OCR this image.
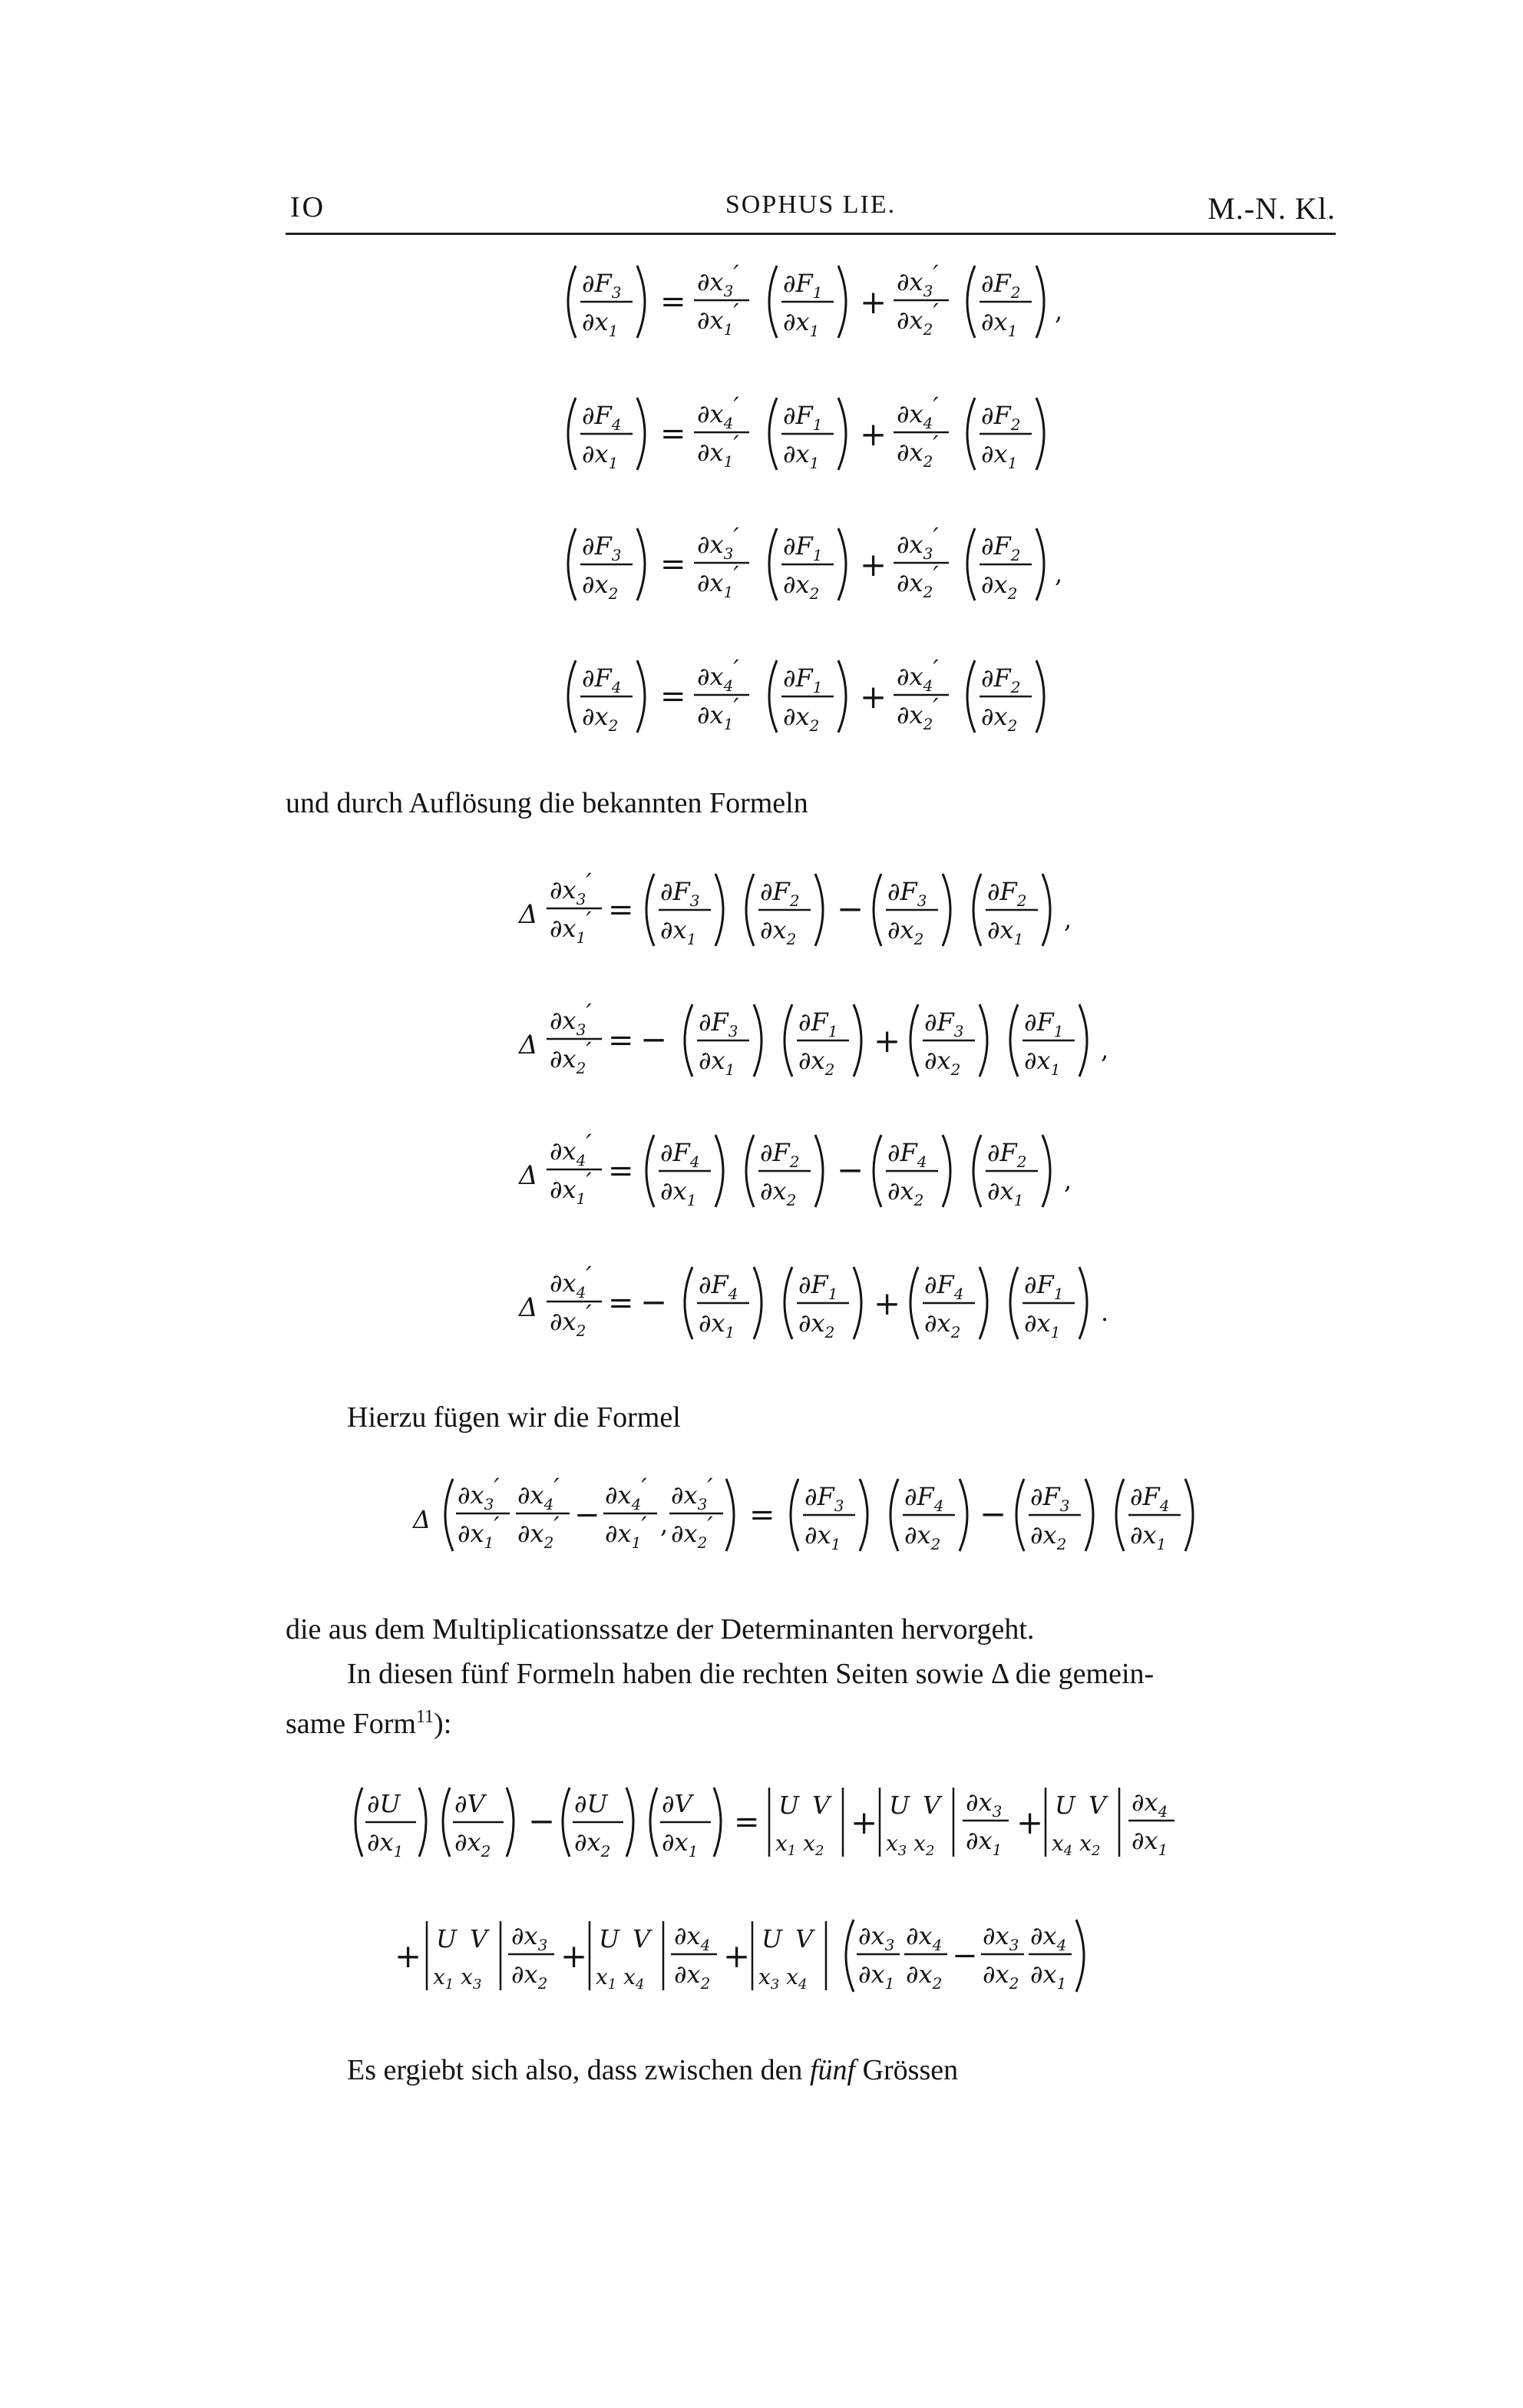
IO	SOPHUS LIE.	M.-N. Kl.
$\partial F_3$
$\partial x_1$
=
$\partial x_3'$
$\partial x_1'$
$\partial F_1$
$\partial x_1$
+
$\partial x_3'$
$\partial x_2'$
$\partial F_2$
$\partial x_1$
,
$\partial F_4$
$\partial x_1$
=
$\partial x_4'$
$\partial x_1'$
$\partial F_1$
$\partial x_1$
+
$\partial x_4'$
$\partial x_2'$
$\partial F_2$
$\partial x_1$
$\partial F_3$
$\partial x_2$
=
$\partial x_3'$
$\partial x_1'$
$\partial F_1$
$\partial x_2$
+
$\partial x_3'$
$\partial x_2'$
$\partial F_2$
$\partial x_2$
,
$\partial F_4$
$\partial x_2$
=
$\partial x_4'$
$\partial x_1'$
$\partial F_1$
$\partial x_2$
+
$\partial x_4'$
$\partial x_2'$
$\partial F_2$
$\partial x_2$
und durch Auflösung die bekannten Formeln
Δ
$\partial x_3'$
$\partial x_1'$ =
$\partial F_3$
$\partial x_1$
$\partial F_2$
$\partial x_2$
− $\partial F_3$
$\partial x_2$
$\partial F_2$
$\partial x_1$
,
Δ
$\partial x_3'$
$\partial x_2'$ = − $\partial F_3$
$\partial x_1$
$\partial F_1$
$\partial x_2$
+ $\partial F_3$
$\partial x_2$
$\partial F_1$
$\partial x_1$
,
Δ
$\partial x_4'$
$\partial x_1'$ =
$\partial F_4$
$\partial x_1$
$\partial F_2$
$\partial x_2$
− $\partial F_4$
$\partial x_2$
$\partial F_2$
$\partial x_1$
,
Δ
$\partial x_4'$
$\partial x_2'$ = − $\partial F_4$
$\partial x_1$
$\partial F_1$
$\partial x_2$
+ $\partial F_4$
$\partial x_2$
$\partial F_1$
$\partial x_1$
.
Hierzu fügen wir die Formel
Δ
$\partial x_3'$
$\partial x_1'$
$\partial x_4'$
$\partial x_2'$ −
$\partial x_4'$
$\partial x_1'$ ,
$\partial x_3'$
$\partial x_2'$ =
$\partial F_3$
$\partial x_1$
$\partial F_4$
$\partial x_2$
− $\partial F_3$
$\partial x_2$
$\partial F_4$
$\partial x_1$
die aus dem Multiplicationssatze der Determinanten hervorgeht.
In diesen fünf Formeln haben die rechten Seiten sowie Δ die gemein-
same Form$^{11}$):
∂U
$\partial x_1$
∂V
$\partial x_2$
− ∂U
$\partial x_2$
∂V
$\partial x_1$
= U V
$x_1$ $x_2$
+ U V
$x_3$ $x_2$
$\partial x_3$
$\partial x_1$
+ U V
$x_4$ $x_2$
$\partial x_4$
$\partial x_1$
+ U V
$x_1$ $x_3$
$\partial x_3$
$\partial x_2$
+ U V
$x_1$ $x_4$
$\partial x_4$
$\partial x_2$
+ U V
$x_3$ $x_4$
$\partial x_3$
$\partial x_1$
$\partial x_4$
$\partial x_2$
−
$\partial x_3$
$\partial x_2$
$\partial x_4$
$\partial x_1$
Es ergiebt sich also, dass zwischen den fünf Grössen
